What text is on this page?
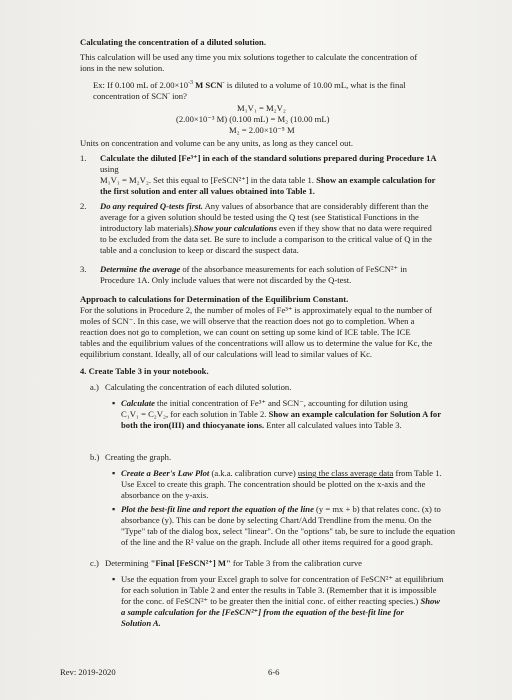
Calculating the concentration of a diluted solution.
This calculation will be used any time you mix solutions together to calculate the concentration of
ions in the new solution.
Ex: If 0.100 mL of $2.00\times 10^{-3}$ M SCN- is diluted to a volume of 10.00 mL, what is the final
concentration of SCN- ion?
M₁V₁ = M₂V₂
(2.00×10⁻³ M) (0.100 mL) = M₂ (10.00 mL)
M₂ = 2.00×10⁻⁵ M
Units on concentration and volume can be any units, as long as they cancel out.
1. Calculate the diluted [Fe³⁺] in each of the standard solutions prepared during Procedure 1A
using
M₁V₁ = M₂V₂. Set this equal to [FeSCN²⁺] in the data table 1. Show an example calculation for
the first solution and enter all values obtained into Table 1.
2. Do any required Q-tests first. Any values of absorbance that are considerably different than the
average for a given solution should be tested using the Q test (see Statistical Functions in the
introductory lab materials).Show your calculations even if they show that no data were required
to be excluded from the data set. Be sure to include a comparison to the critical value of Q in the
table and a conclusion to keep or discard the suspect data.
3. Determine the average of the absorbance measurements for each solution of FeSCN²⁺ in
Procedure 1A. Only include values that were not discarded by the Q-test.
Approach to calculations for Determination of the Equilibrium Constant.
For the solutions in Procedure 2, the number of moles of Fe³⁺ is approximately equal to the number of
moles of SCN⁻. In this case, we will observe that the reaction does not go to completion. When a
reaction does not go to completion, we can count on setting up some kind of ICE table. The ICE
tables and the equilibrium values of the concentrations will allow us to determine the value for Kc, the
equilibrium constant. Ideally, all of our calculations will lead to similar values of Kc.
4. Create Table 3 in your notebook.
a.) Calculating the concentration of each diluted solution.
▪ Calculate the initial concentration of Fe³⁺ and SCN⁻, accounting for dilution using
C₁V₁ = C₂V₂, for each solution in Table 2. Show an example calculation for Solution A for
both the iron(III) and thiocyanate ions. Enter all calculated values into Table 3.
b.) Creating the graph.
▪ Create a Beer's Law Plot (a.k.a. calibration curve) using the class average data from Table 1.
Use Excel to create this graph. The concentration should be plotted on the x-axis and the
absorbance on the y-axis.
▪ Plot the best-fit line and report the equation of the line (y = mx + b) that relates conc. (x) to
absorbance (y). This can be done by selecting Chart/Add Trendline from the menu. On the
"Type" tab of the dialog box, select "linear". On the "options" tab, be sure to include the equation
of the line and the R² value on the graph. Include all other items required for a good graph.
c.) Determining "Final [FeSCN²⁺] M" for Table 3 from the calibration curve
▪ Use the equation from your Excel graph to solve for concentration of FeSCN²⁺ at equilibrium
for each solution in Table 2 and enter the results in Table 3. (Remember that it is impossible
for the conc. of FeSCN²⁺ to be greater then the initial conc. of either reacting species.) Show
a sample calculation for the [FeSCN²⁺] from the equation of the best-fit line for
Solution A.
Rev: 2019-2020	6-6
